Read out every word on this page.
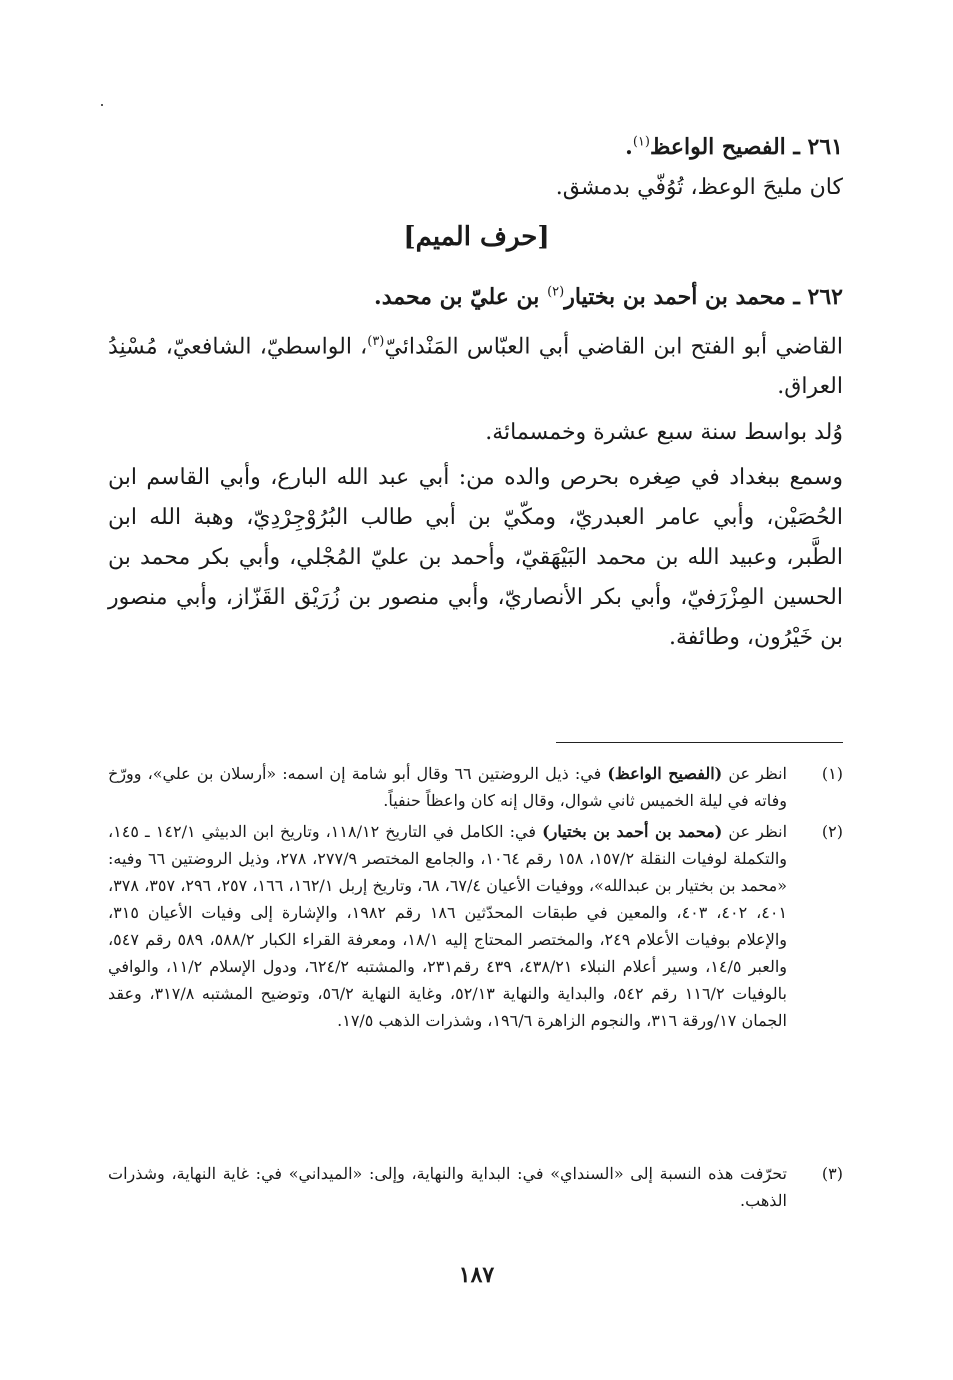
٢٦١ ـ الفصيح الواعظ$^{(١)}$.
كان مليحَ الوعظ، تُوُفّي بدمشق.
[حرف الميم]
٢٦٢ ـ محمد بن أحمد بن بختيار$^{(٢)}$ بن عليّ بن محمد.
القاضي أبو الفتح ابن القاضي أبي العبّاس المَنْدائيّ$^{(٣)}$، الواسطيّ، الشافعيّ، مُسْنِدُ العراق.
وُلد بواسط سنة سبع عشرة وخمسمائة.
وسمع ببغداد في صِغره بحرص والده من: أبي عبد الله البارع، وأبي القاسم ابن الحُصَيْن، وأبي عامر العبدريّ، ومكّيّ بن أبي طالب البُرُوْجِرْدِيّ، وهبة الله ابن الطَّبر، وعبيد الله بن محمد البَيْهَقيّ، وأحمد بن عليّ المُجْلي، وأبي بكر محمد بن الحسين المِزْرَفيّ، وأبي بكر الأنصاريّ، وأبي منصور بن زُرَيْق القَزّاز، وأبي منصور بن خَيْرُون، وطائفة.
(١)
انظر عن (الفصيح الواعظ) في: ذيل الروضتين ٦٦ وقال أبو شامة إن اسمه: «أرسلان بن علي»، وورّخ وفاته في ليلة الخميس ثاني شوال، وقال إنه كان واعظاً حنفياً.
(٢)
انظر عن (محمد بن أحمد بن بختيار) في: الكامل في التاريخ ١١٨/١٢، وتاريخ ابن الدبيثي ١٤٢/١ ـ ١٤٥، والتكملة لوفيات النقلة ١٥٧/٢، ١٥٨ رقم ١٠٦٤، والجامع المختصر ٢٧٧/٩، ٢٧٨، وذيل الروضتين ٦٦ وفيه: «محمد بن بختيار بن عبدالله»، ووفيات الأعيان ٦٧/٤، ٦٨، وتاريخ إربل ١٦٢/١، ١٦٦، ٢٥٧، ٢٩٦، ٣٥٧، ٣٧٨، ٤٠١، ٤٠٢، ٤٠٣، والمعين في طبقات المحدّثين ١٨٦ رقم ١٩٨٢، والإشارة إلى وفيات الأعيان ٣١٥، والإعلام بوفيات الأعلام ٢٤٩، والمختصر المحتاج إليه ١٨/١، ومعرفة القراء الكبار ٥٨٨/٢، ٥٨٩ رقم ٥٤٧، والعبر ١٤/٥، وسير أعلام النبلاء ٤٣٨/٢١، ٤٣٩ رقم٢٣١، والمشتبه ٦٢٤/٢، ودول الإسلام ١١/٢، والوافي بالوفيات ١١٦/٢ رقم ٥٤٢، والبداية والنهاية ٥٢/١٣، وغاية النهاية ٥٦/٢، وتوضيح المشتبه ٣١٧/٨، وعقد الجمان ١٧/ورقة ٣١٦، والنجوم الزاهرة ١٩٦/٦، وشذرات الذهب ١٧/٥.
(٣)
تحرّفت هذه النسبة إلى «السنداي» في: البداية والنهاية، وإلى: «الميداني» في: غاية النهاية، وشذرات الذهب.
١٨٧
